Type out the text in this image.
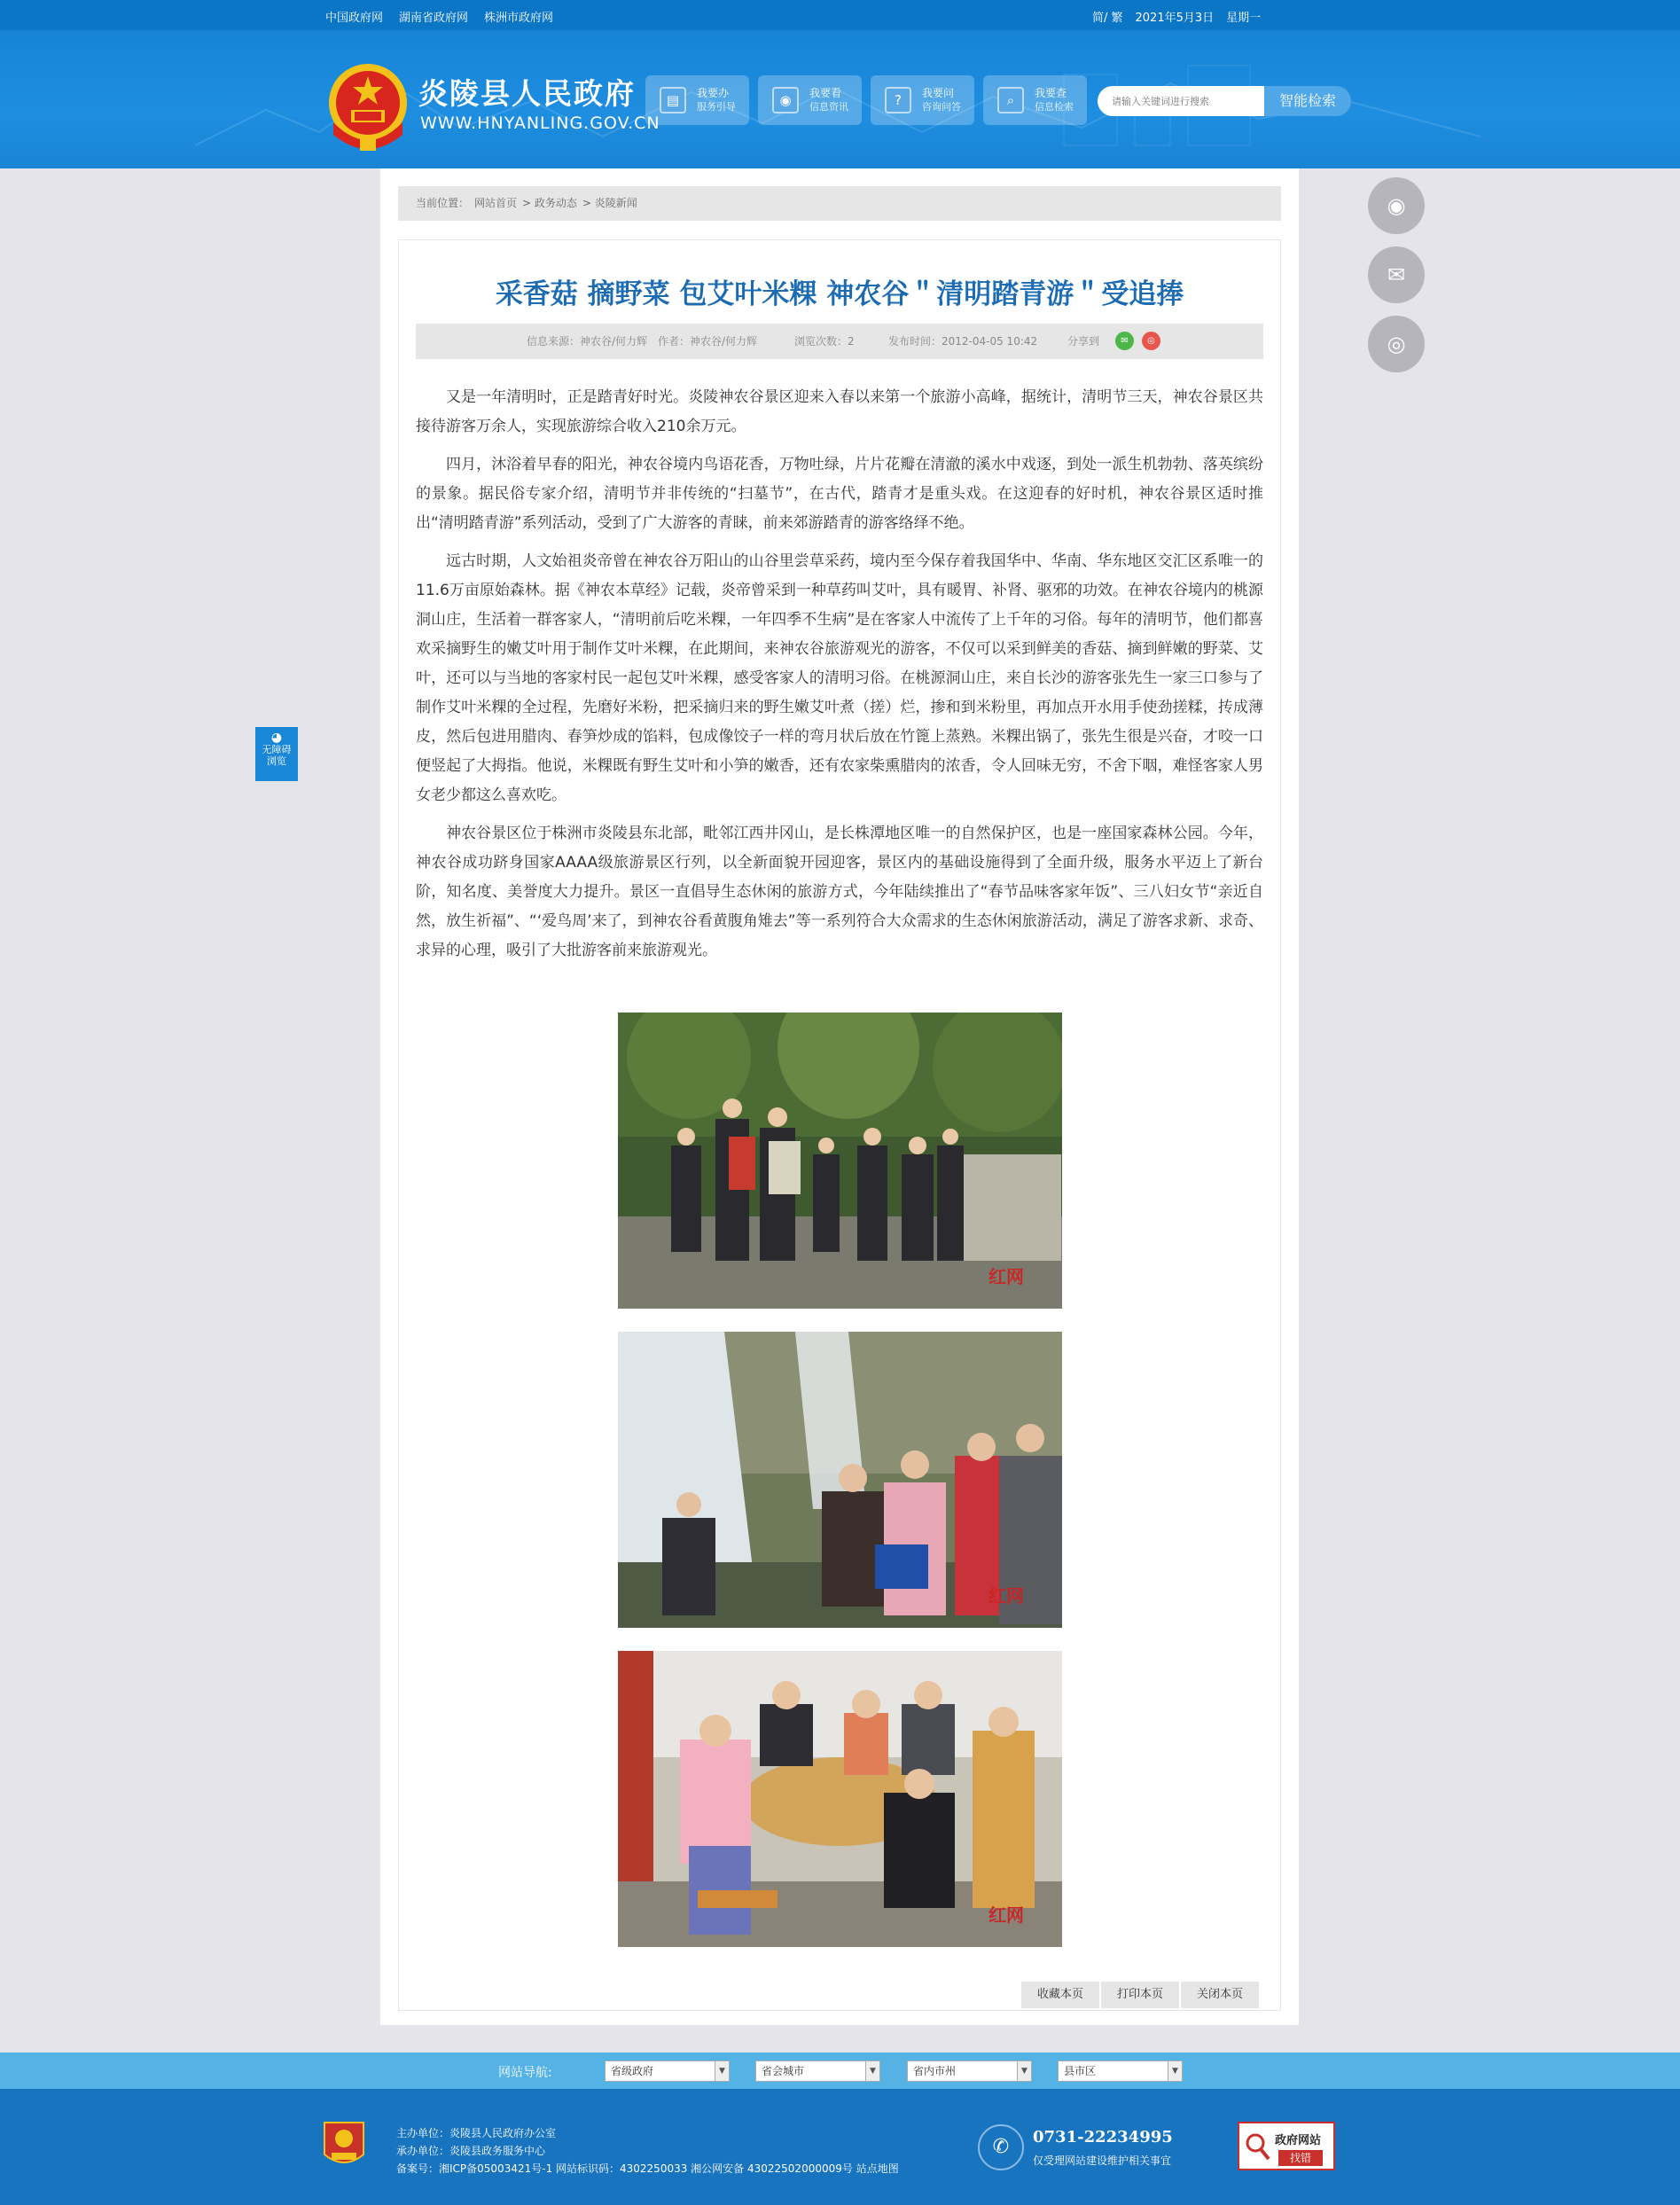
中国政府网 湖南省政府网 株洲市政府网	简/ 繁 2021年5月3日 星期一
炎陵县人民政府
WWW.HNYANLING.GOV.CN
▤	我要办
服务引导	◉	我要看
信息资讯	?	我要问
咨询问答	⌕	我要查
信息检索
请输入关键词进行搜索	智能检索
当前位置： 网站首页 > 政务动态 > 炎陵新闻
采香菇 摘野菜 包艾叶米粿 神农谷＂清明踏青游＂受追捧
信息来源：神农谷/何力辉 作者：神农谷/何力辉	浏览次数：2	发布时间：2012-04-05 10:42	分享到	✉	◎

又是一年清明时，正是踏青好时光。炎陵神农谷景区迎来入春以来第一个旅游小高峰，据统计，清明节三天，神农谷景区共接待游客万余人，实现旅游综合收入210余万元。

四月，沐浴着早春的阳光，神农谷境内鸟语花香，万物吐绿，片片花瓣在清澈的溪水中戏逐，到处一派生机勃勃、落英缤纷的景象。据民俗专家介绍，清明节并非传统的“扫墓节”，在古代，踏青才是重头戏。在这迎春的好时机，神农谷景区适时推出“清明踏青游”系列活动，受到了广大游客的青睐，前来郊游踏青的游客络绎不绝。

远古时期，人文始祖炎帝曾在神农谷万阳山的山谷里尝草采药，境内至今保存着我国华中、华南、华东地区交汇区系唯一的11.6万亩原始森林。据《神农本草经》记载，炎帝曾采到一种草药叫艾叶，具有暖胃、补肾、驱邪的功效。在神农谷境内的桃源洞山庄，生活着一群客家人，“清明前后吃米粿，一年四季不生病”是在客家人中流传了上千年的习俗。每年的清明节，他们都喜欢采摘野生的嫩艾叶用于制作艾叶米粿，在此期间，来神农谷旅游观光的游客，不仅可以采到鲜美的香菇、摘到鲜嫩的野菜、艾叶，还可以与当地的客家村民一起包艾叶米粿，感受客家人的清明习俗。在桃源洞山庄，来自长沙的游客张先生一家三口参与了制作艾叶米粿的全过程，先磨好米粉，把采摘归来的野生嫩艾叶煮（搓）烂，掺和到米粉里，再加点开水用手使劲搓糅，抟成薄皮，然后包进用腊肉、春笋炒成的馅料，包成像饺子一样的弯月状后放在竹篦上蒸熟。米粿出锅了，张先生很是兴奋，才咬一口便竖起了大拇指。他说，米粿既有野生艾叶和小笋的嫩香，还有农家柴熏腊肉的浓香，令人回味无穷，不舍下咽，难怪客家人男女老少都这么喜欢吃。

神农谷景区位于株洲市炎陵县东北部，毗邻江西井冈山，是长株潭地区唯一的自然保护区，也是一座国家森林公园。今年，神农谷成功跻身国家AAAA级旅游景区行列，以全新面貌开园迎客，景区内的基础设施得到了全面升级，服务水平迈上了新台阶，知名度、美誉度大力提升。景区一直倡导生态休闲的旅游方式，今年陆续推出了“春节品味客家年饭”、三八妇女节“亲近自然，放生祈福”、“‘爱鸟周’来了，到神农谷看黄腹角雉去”等一系列符合大众需求的生态休闲旅游活动，满足了游客求新、求奇、求异的心理，吸引了大批游客前来旅游观光。

红网
红网
红网
收藏本页	打印本页	关闭本页
◉
✉
◎
◕
无障碍
浏览
网站导航:	省级政府	▼	省会城市	▼	省内市州	▼	县市区	▼
主办单位：炎陵县人民政府办公室
承办单位：炎陵县政务服务中心
备案号：湘ICP备05003421号-1 网站标识码：4302250033 湘公网安备 43022502000009号 站点地图
✆	0731-22234995
仅受理网站建设维护相关事宜
政府网站
找错
